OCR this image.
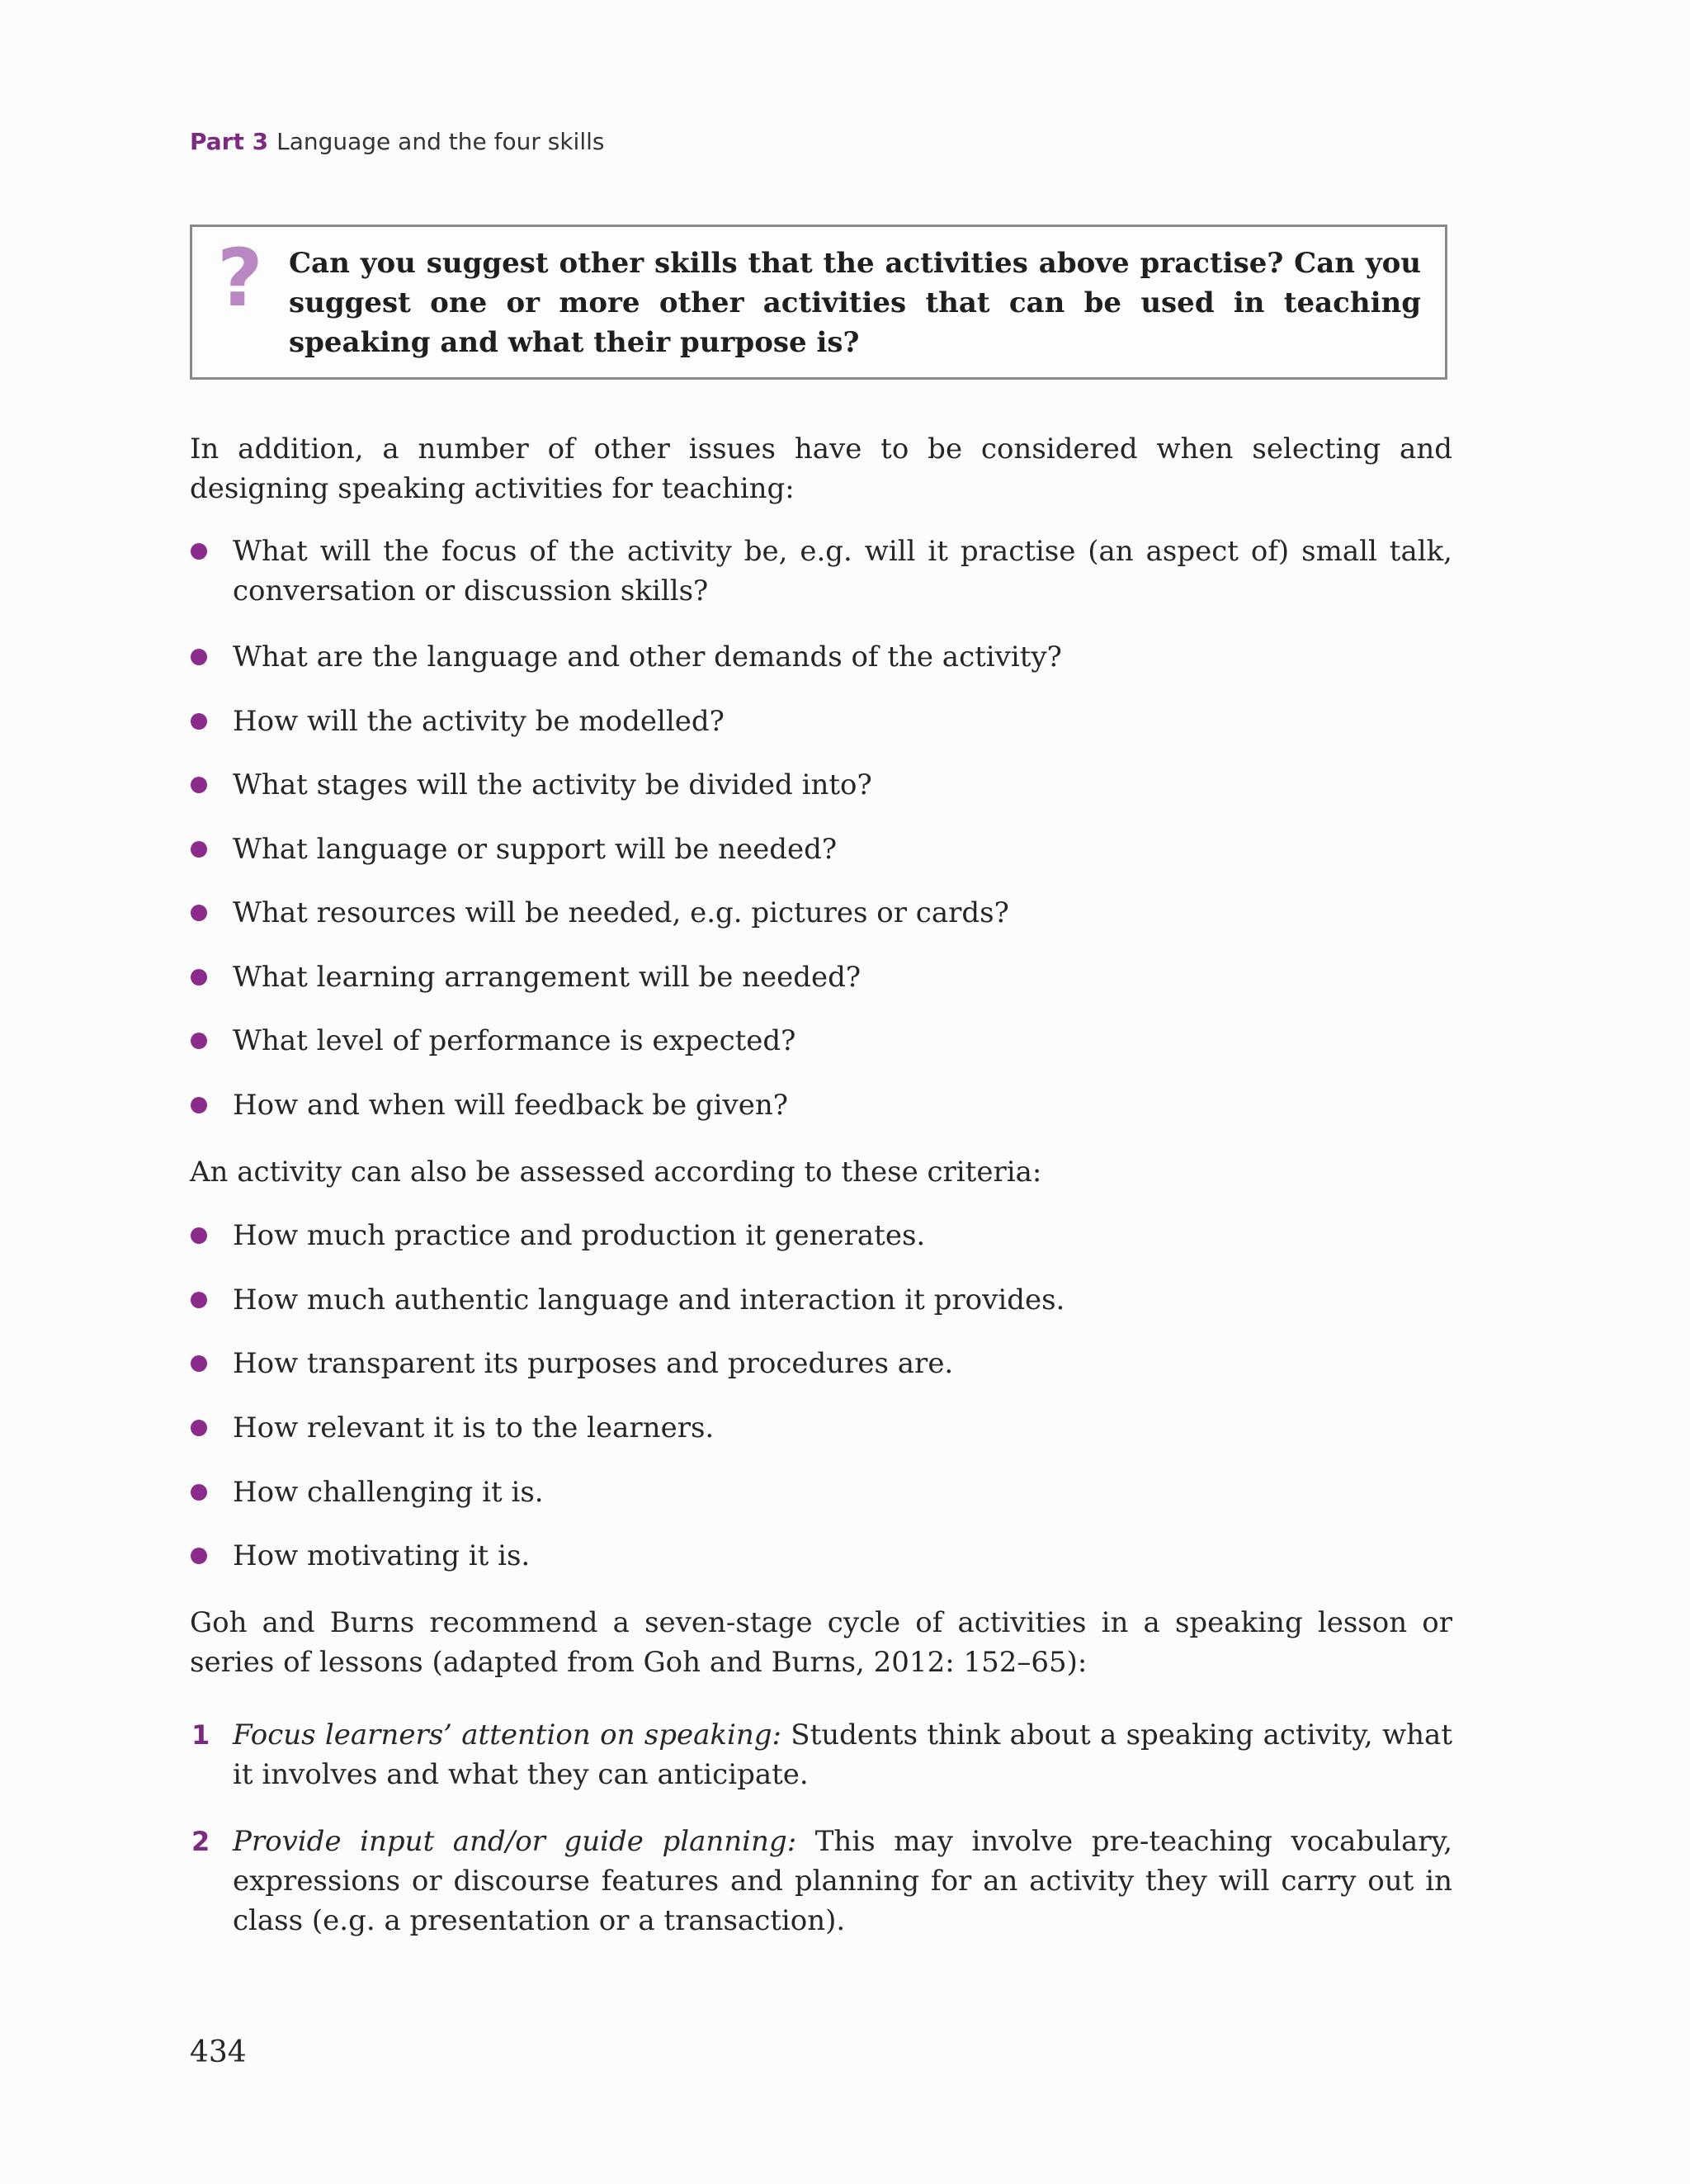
Part 3 Language and the four skills
? Can you suggest other skills that the activities above practise? Can you suggest one or more other activities that can be used in teaching speaking and what their purpose is?
In addition, a number of other issues have to be considered when selecting and designing speaking activities for teaching:
What will the focus of the activity be, e.g. will it practise (an aspect of) small talk, conversation or discussion skills?
What are the language and other demands of the activity?
How will the activity be modelled?
What stages will the activity be divided into?
What language or support will be needed?
What resources will be needed, e.g. pictures or cards?
What learning arrangement will be needed?
What level of performance is expected?
How and when will feedback be given?
An activity can also be assessed according to these criteria:
How much practice and production it generates.
How much authentic language and interaction it provides.
How transparent its purposes and procedures are.
How relevant it is to the learners.
How challenging it is.
How motivating it is.
Goh and Burns recommend a seven-stage cycle of activities in a speaking lesson or series of lessons (adapted from Goh and Burns, 2012: 152–65):
1 Focus learners’ attention on speaking: Students think about a speaking activity, what it involves and what they can anticipate.
2 Provide input and/or guide planning: This may involve pre-teaching vocabulary, expressions or discourse features and planning for an activity they will carry out in class (e.g. a presentation or a transaction).
434
